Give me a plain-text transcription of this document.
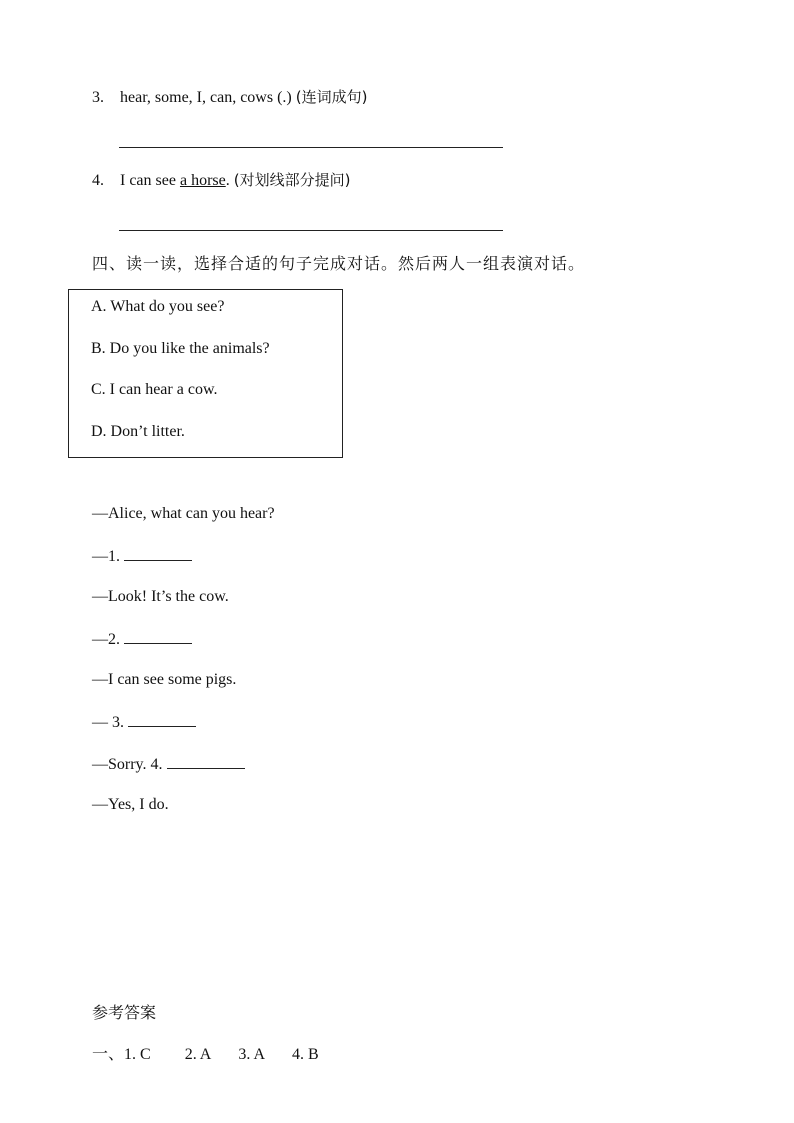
3. hear, some, I, can, cows (.) (连词成句)
4. I can see a horse. (对划线部分提问)
四、读一读，选择合适的句子完成对话。然后两人一组表演对话。
A. What do you see?
B. Do you like the animals?
C. I can hear a cow.
D. Don’t litter.
—Alice, what can you hear?
—1.
—Look! It’s the cow.
—2.
—I can see some pigs.
— 3.
—Sorry. 4.
—Yes, I do.
参考答案
一、1. C 2. A 3. A 4. B
